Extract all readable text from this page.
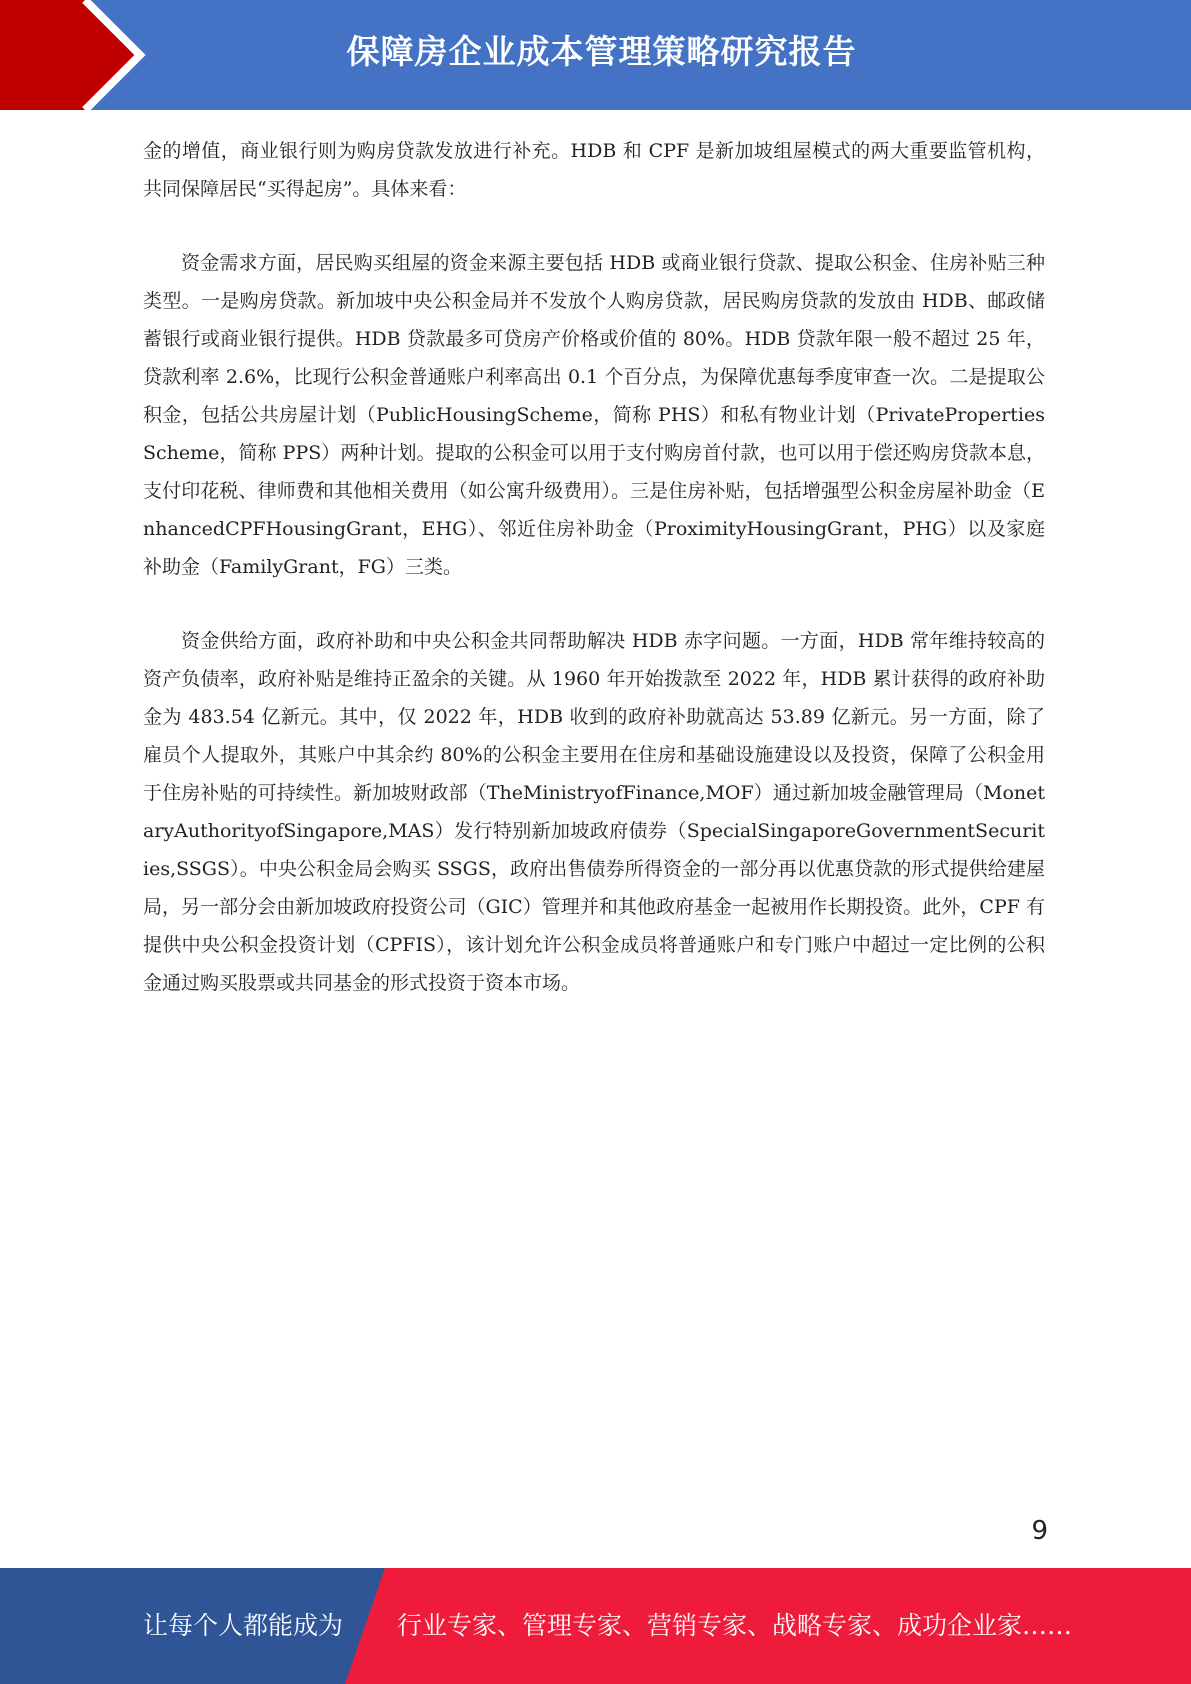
保障房企业成本管理策略研究报告

金的增值，商业银行则为购房贷款发放进行补充。HDB 和 CPF 是新加坡组屋模式的两大重要监管机构，共同保障居民“买得起房”。具体来看：

资金需求方面，居民购买组屋的资金来源主要包括 HDB 或商业银行贷款、提取公积金、住房补贴三种类型。一是购房贷款。新加坡中央公积金局并不发放个人购房贷款，居民购房贷款的发放由 HDB、邮政储蓄银行或商业银行提供。HDB 贷款最多可贷房产价格或价值的 80%。HDB 贷款年限一般不超过 25 年，贷款利率 2.6%，比现行公积金普通账户利率高出 0.1 个百分点，为保障优惠每季度审查一次。二是提取公积金，包括公共房屋计划（PublicHousingScheme，简称 PHS）和私有物业计划（PrivatePropertiesScheme，简称 PPS）两种计划。提取的公积金可以用于支付购房首付款，也可以用于偿还购房贷款本息，支付印花税、律师费和其他相关费用（如公寓升级费用）。三是住房补贴，包括增强型公积金房屋补助金（EnhancedCPFHousingGrant，EHG）、邻近住房补助金（ProximityHousingGrant，PHG）以及家庭补助金（FamilyGrant，FG）三类。

资金供给方面，政府补助和中央公积金共同帮助解决 HDB 赤字问题。一方面，HDB 常年维持较高的资产负债率，政府补贴是维持正盈余的关键。从 1960 年开始拨款至 2022 年，HDB 累计获得的政府补助金为 483.54 亿新元。其中，仅 2022 年，HDB 收到的政府补助就高达 53.89 亿新元。另一方面，除了雇员个人提取外，其账户中其余约 80%的公积金主要用在住房和基础设施建设以及投资，保障了公积金用于住房补贴的可持续性。新加坡财政部（TheMinistryofFinance,MOF）通过新加坡金融管理局（MonetaryAuthorityofSingapore,MAS）发行特别新加坡政府债券（SpecialSingaporeGovernmentSecurities,SSGS）。中央公积金局会购买 SSGS，政府出售债券所得资金的一部分再以优惠贷款的形式提供给建屋局，另一部分会由新加坡政府投资公司（GIC）管理并和其他政府基金一起被用作长期投资。此外，CPF 有提供中央公积金投资计划（CPFIS），该计划允许公积金成员将普通账户和专门账户中超过一定比例的公积金通过购买股票或共同基金的形式投资于资本市场。

9
让每个人都能成为 行业专家、管理专家、营销专家、战略专家、成功企业家……
